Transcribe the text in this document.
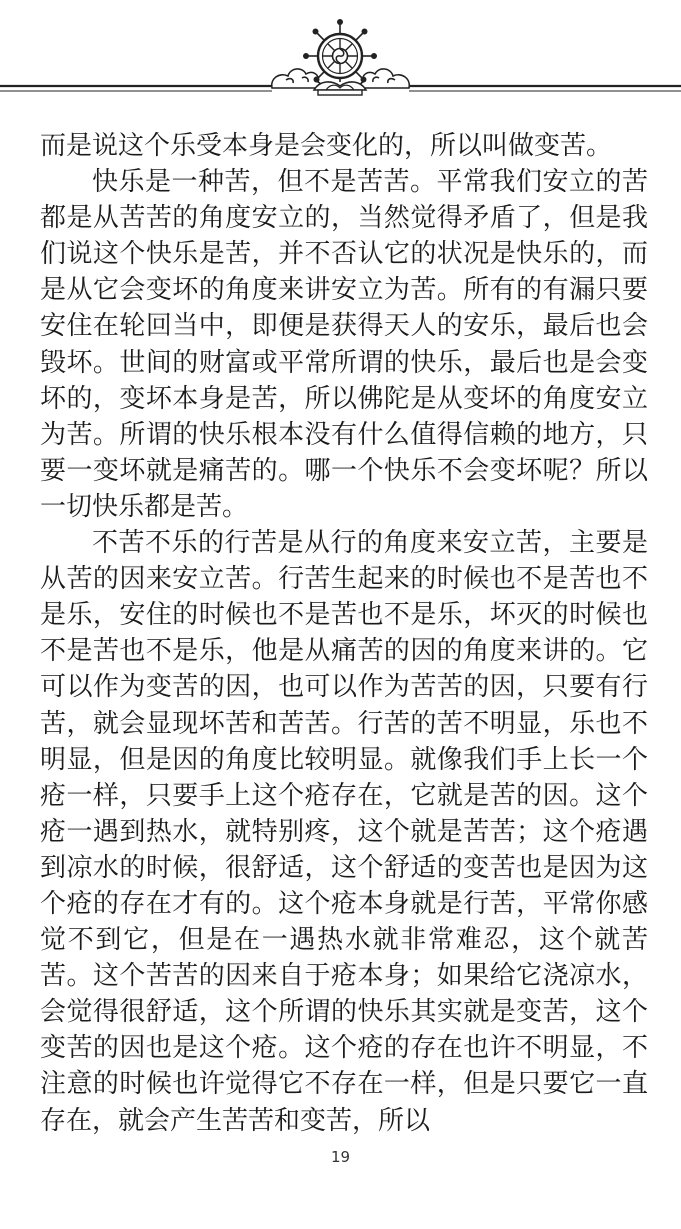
而是说这个乐受本身是会变化的，所以叫做变苦。

快乐是一种苦，但不是苦苦。平常我们安立的苦都是从苦苦的角度安立的，当然觉得矛盾了，但是我们说这个快乐是苦，并不否认它的状况是快乐的，而是从它会变坏的角度来讲安立为苦。所有的有漏只要安住在轮回当中，即便是获得天人的安乐，最后也会毁坏。世间的财富或平常所谓的快乐，最后也是会变坏的，变坏本身是苦，所以佛陀是从变坏的角度安立为苦。所谓的快乐根本没有什么值得信赖的地方，只要一变坏就是痛苦的。哪一个快乐不会变坏呢？所以一切快乐都是苦。

不苦不乐的行苦是从行的角度来安立苦，主要是从苦的因来安立苦。行苦生起来的时候也不是苦也不是乐，安住的时候也不是苦也不是乐，坏灭的时候也不是苦也不是乐，他是从痛苦的因的角度来讲的。它可以作为变苦的因，也可以作为苦苦的因，只要有行苦，就会显现坏苦和苦苦。行苦的苦不明显，乐也不明显，但是因的角度比较明显。就像我们手上长一个疮一样，只要手上这个疮存在，它就是苦的因。这个疮一遇到热水，就特别疼，这个就是苦苦；这个疮遇到凉水的时候，很舒适，这个舒适的变苦也是因为这个疮的存在才有的。这个疮本身就是行苦，平常你感觉不到它，但是在一遇热水就非常难忍，这个就苦苦。这个苦苦的因来自于疮本身；如果给它浇凉水，会觉得很舒适，这个所谓的快乐其实就是变苦，这个变苦的因也是这个疮。这个疮的存在也许不明显，不注意的时候也许觉得它不存在一样，但是只要它一直存在，就会产生苦苦和变苦，所以

19
